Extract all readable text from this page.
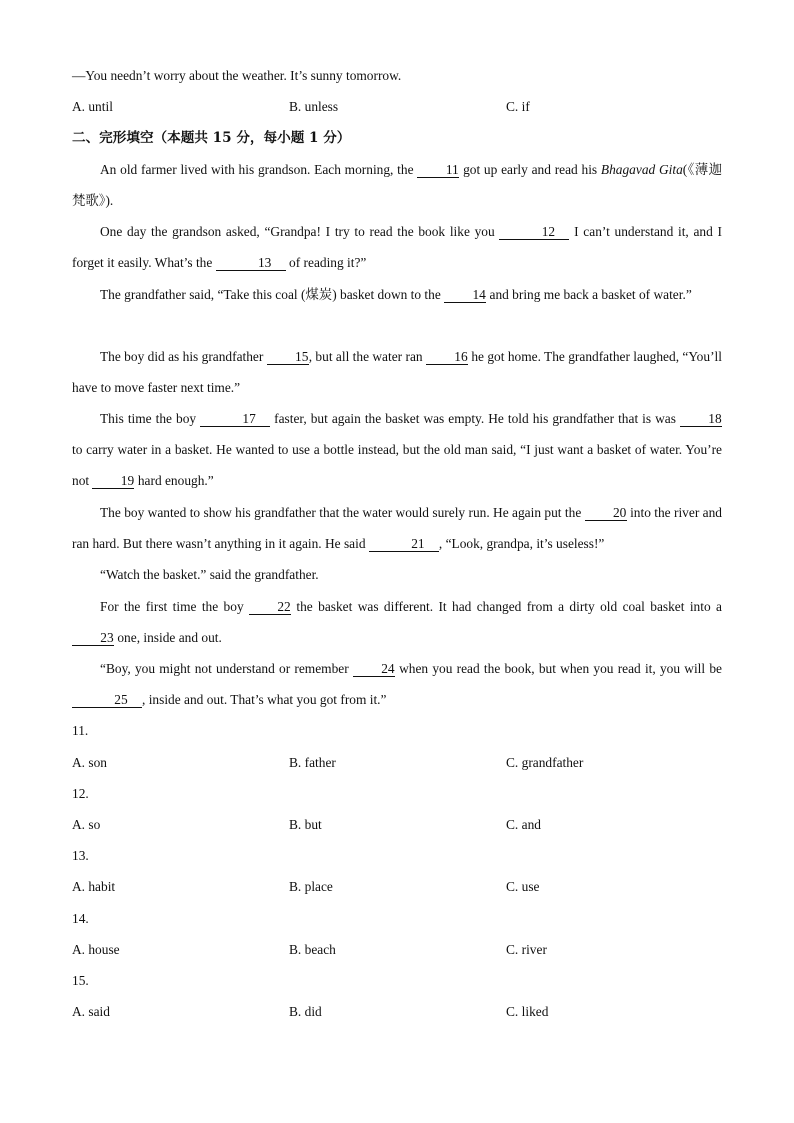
—You needn’t worry about the weather. It’s sunny tomorrow.
A. until	B. unless	C. if
二、完形填空（本题共 15 分，每小题 1 分）
An old farmer lived with his grandson. Each morning, the 11 got up early and read his Bhagavad Gita(《薄迦梵歌》).
One day the grandson asked, “Grandpa! I try to read the book like you	12 I can’t understand it, and I forget it easily. What’s the	13 of reading it?”
The grandfather said, “Take this coal (煤炭) basket down to the 14 and bring me back a basket of water.”
The boy did as his grandfather 15, but all the water ran 16 he got home. The grandfather laughed, “You’ll have to move faster next time.”
This time the boy	17 faster, but again the basket was empty. He told his grandfather that is was 18 to carry water in a basket. He wanted to use a bottle instead, but the old man said, “I just want a basket of water. You’re not 19 hard enough.”
The boy wanted to show his grandfather that the water would surely run. He again put the 20 into the river and ran hard. But there wasn’t anything in it again. He said	21 , “Look, grandpa, it’s useless!”
“Watch the basket.” said the grandfather.
For the first time the boy	22 the basket was different. It had changed from a dirty old coal basket into a 23 one, inside and out.
“Boy, you might not understand or remember 24 when you read the book, but when you read it, you will be 25 , inside and out. That’s what you got from it.”
11.
A. son	B. father	C. grandfather
12.
A. so	B. but	C. and
13.
A. habit	B. place	C. use
14.
A. house	B. beach	C. river
15.
A. said	B. did	C. liked
